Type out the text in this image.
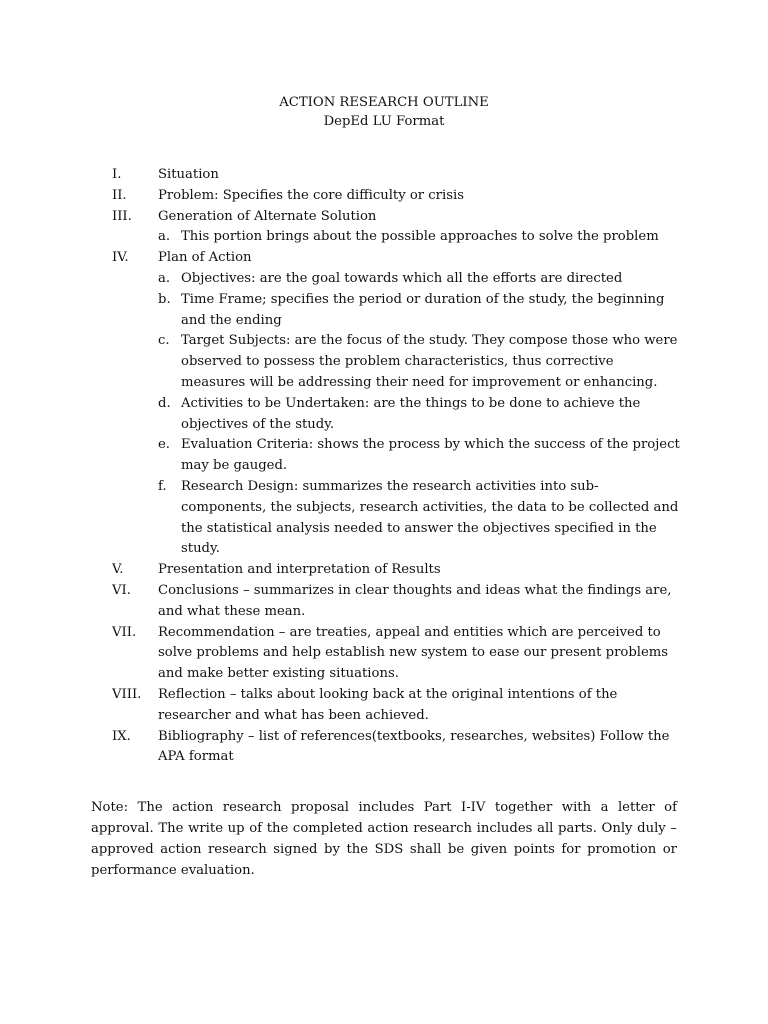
ACTION RESEARCH OUTLINE
DepEd LU Format
I.	Situation
II.	Problem: Specifies the core difficulty or crisis
III.	Generation of Alternate Solution
a. This portion brings about the possible approaches to solve the problem
IV.	Plan of Action
a. Objectives: are the goal towards which all the efforts are directed
b. Time Frame; specifies the period or duration of the study, the beginning and the ending
c. Target Subjects: are the focus of the study. They compose those who were observed to possess the problem characteristics, thus corrective measures will be addressing their need for improvement or enhancing.
d. Activities to be Undertaken: are the things to be done to achieve the objectives of the study.
e. Evaluation Criteria: shows the process by which the success of the project may be gauged.
f.	Research Design: summarizes the research activities into sub-components, the subjects, research activities, the data to be collected and the statistical analysis needed to answer the objectives specified in the study.
V.	Presentation and interpretation of Results
VI.	Conclusions – summarizes in clear thoughts and ideas what the findings are, and what these mean.
VII.	Recommendation – are treaties, appeal and entities which are perceived to solve problems and help establish new system to ease our present problems and make better existing situations.
VIII.	Reflection – talks about looking back at the original intentions of the researcher and what has been achieved.
IX.	Bibliography – list of references(textbooks, researches, websites) Follow the APA format
Note: The action research proposal includes Part I-IV together with a letter of approval. The write up of the completed action research includes all parts. Only duly – approved action research signed by the SDS shall be given points for promotion or performance evaluation.
